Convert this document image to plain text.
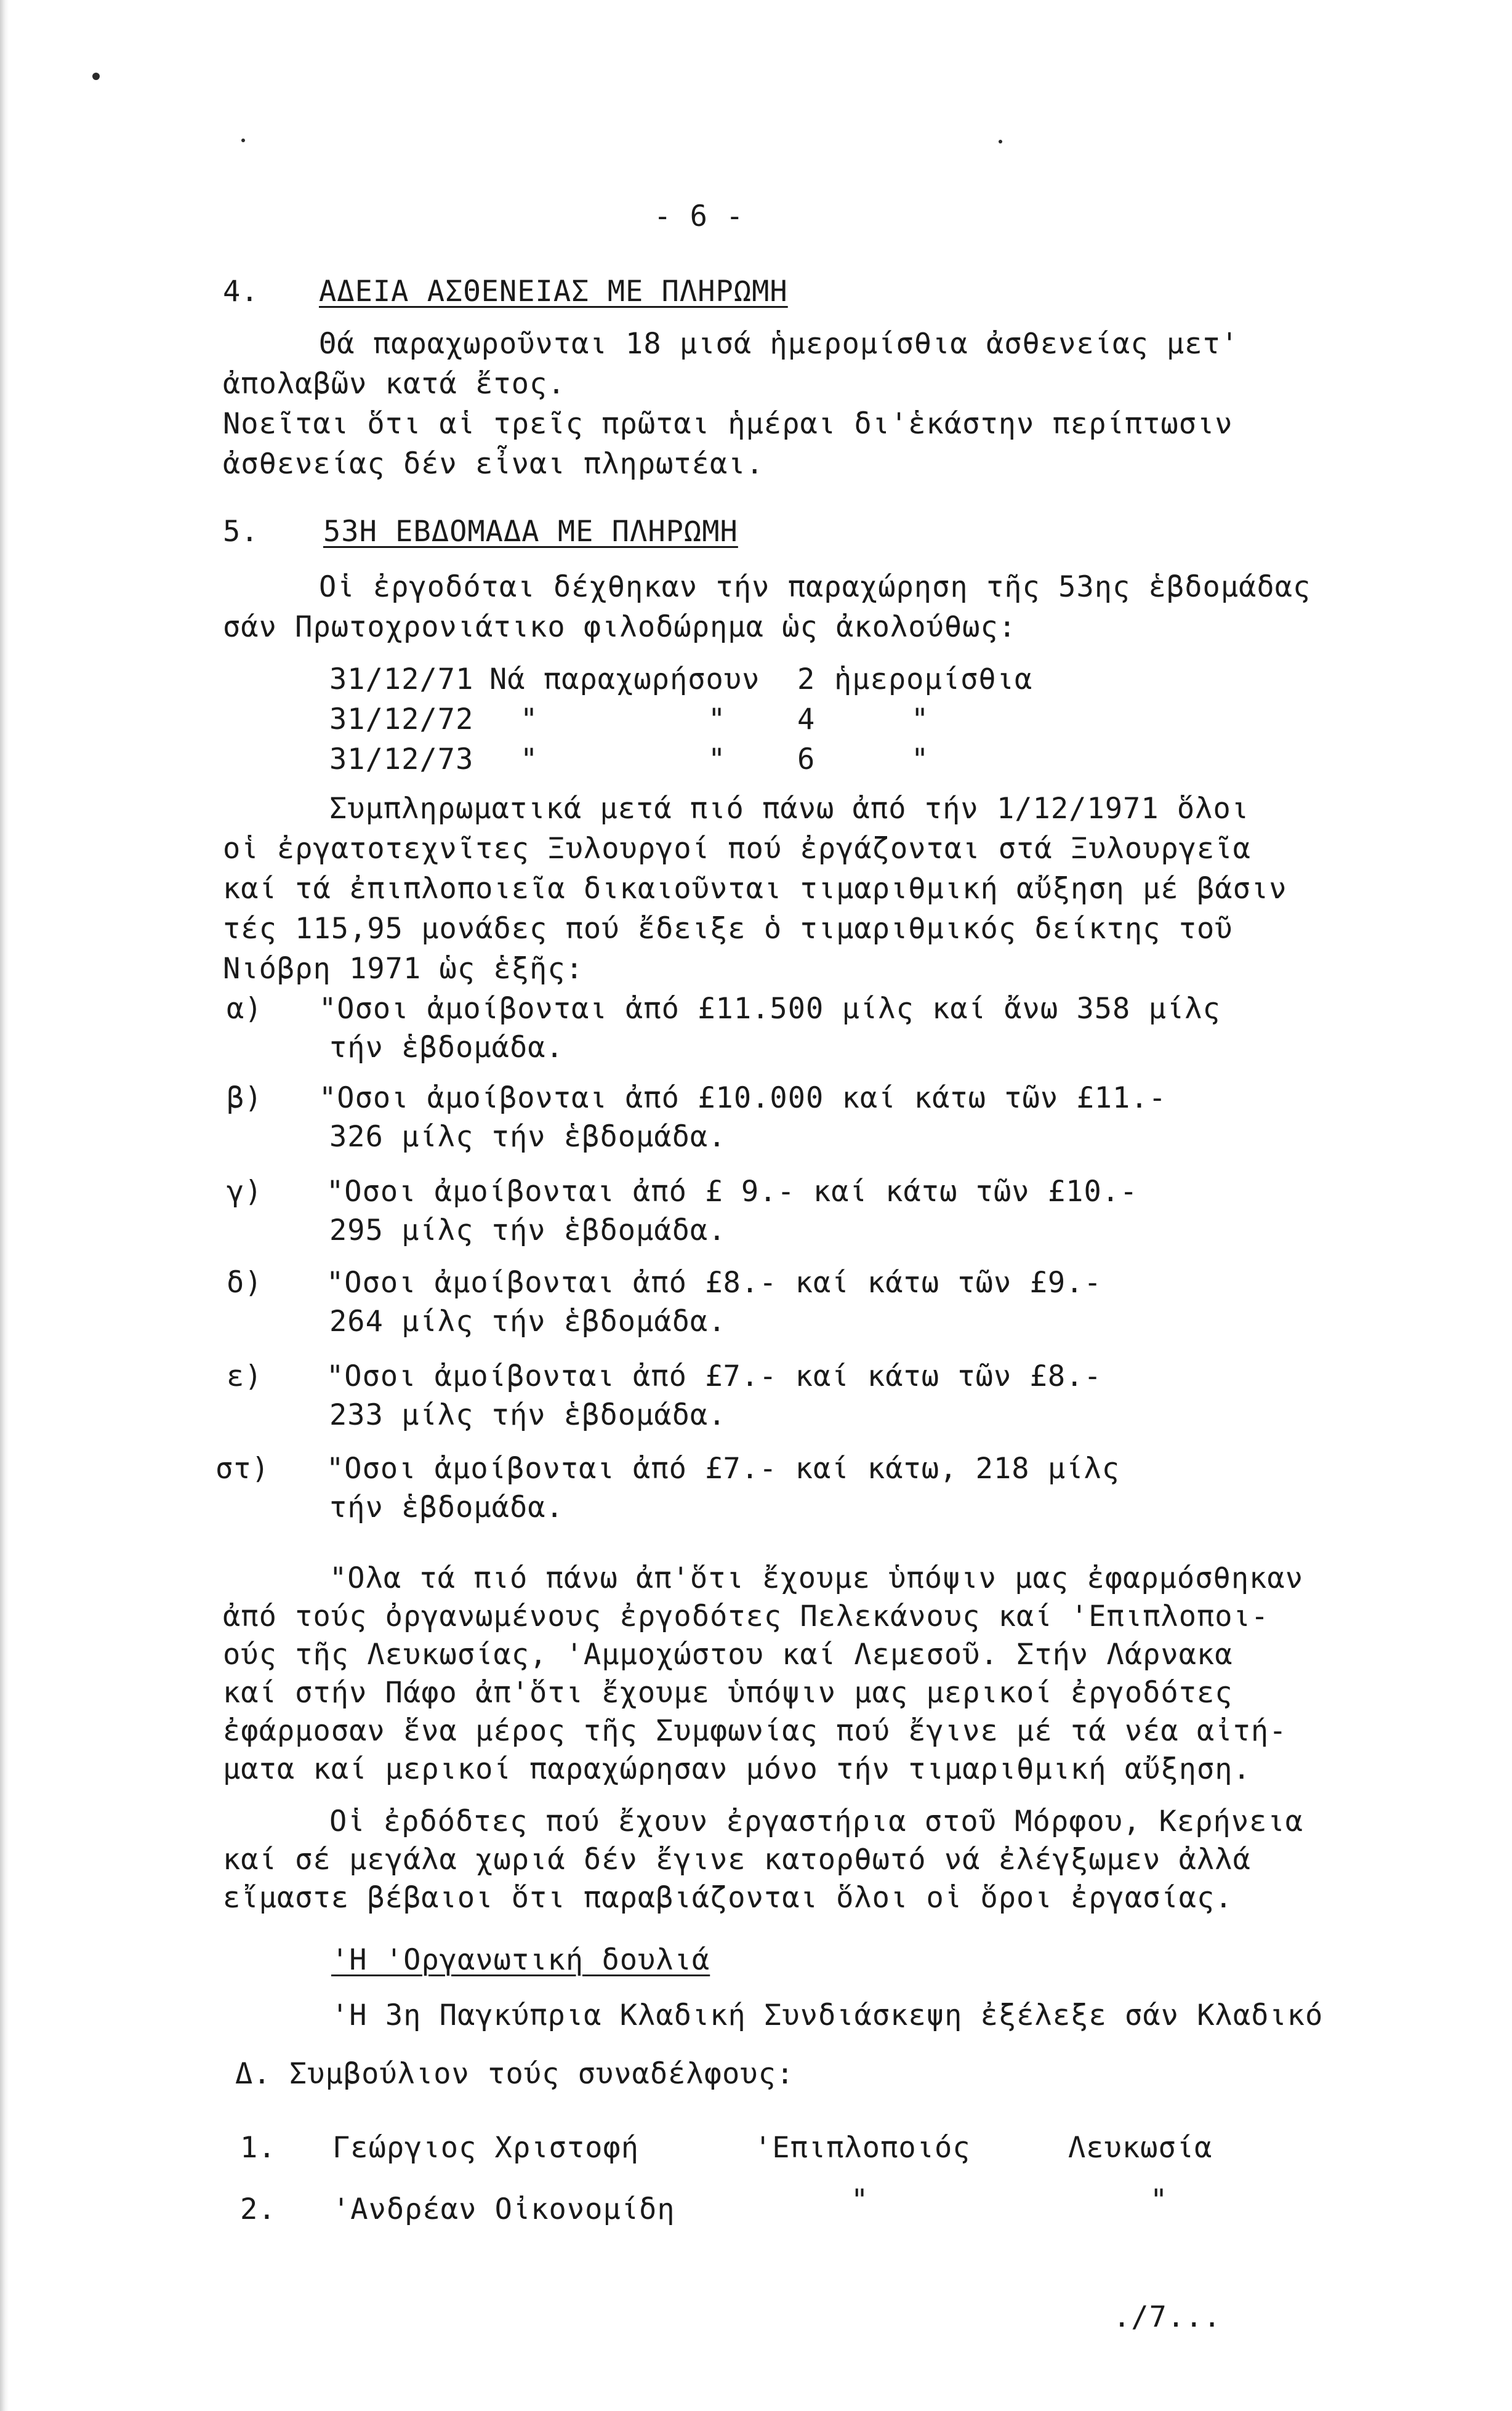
- 6 -
4. ΑΔΕΙΑ ΑΣΘΕΝΕΙΑΣ ΜΕ ΠΛΗΡΩΜΗ
Θά παραχωροῦνται 18 μισά ἡμερομίσθια ἀσθενείας μετ'
ἀπολαβῶν κατά ἔτος.
Νοεῖται ὅτι αἱ τρεῖς πρῶται ἡμέραι δι'ἑκάστην περίπτωσιν
ἀσθενείας δέν εἶναι πληρωτέαι.
5. 53Η ΕΒΔΟΜΑΔΑ ΜΕ ΠΛΗΡΩΜΗ
Οἱ ἐργοδόται δέχθηκαν τήν παραχώρηση τῆς 53ης ἑβδομάδας
σάν Πρωτοχρονιάτικο φιλοδώρημα ὡς ἀκολούθως:
31/12/71 Νά παραχωρήσουν 2 ἡμερομίσθια
31/12/72 "	" 4	"
31/12/73 "	" 6	"
Συμπληρωματικά μετά πιό πάνω ἀπό τήν 1/12/1971 ὅλοι
οἱ ἐργατοτεχνῖτες Ξυλουργοί πού ἐργάζονται στά Ξυλουργεῖα
καί τά ἐπιπλοποιεῖα δικαιοῦνται τιμαριθμική αὔξηση μέ βάσιν
τές 115,95 μονάδες πού ἔδειξε ὁ τιμαριθμικός δείκτης τοῦ
Νιόβρη 1971 ὡς ἑξῆς:
α) "Οσοι ἀμοίβονται ἀπό £11.500 μίλς καί ἄνω 358 μίλς
τήν ἑβδομάδα.
β) "Οσοι ἀμοίβονται ἀπό £10.000 καί κάτω τῶν £11.-
326 μίλς τήν ἑβδομάδα.
γ) "Οσοι ἀμοίβονται ἀπό £ 9.- καί κάτω τῶν £10.-
295 μίλς τήν ἑβδομάδα.
δ) "Οσοι ἀμοίβονται ἀπό £8.- καί κάτω τῶν £9.-
264 μίλς τήν ἑβδομάδα.
ε) "Οσοι ἀμοίβονται ἀπό £7.- καί κάτω τῶν £8.-
233 μίλς τήν ἑβδομάδα.
στ) "Οσοι ἀμοίβονται ἀπό £7.- καί κάτω, 218 μίλς
τήν ἑβδομάδα.
"Ολα τά πιό πάνω ἀπ'ὅτι ἔχουμε ὑπόψιν μας ἐφαρμόσθηκαν
ἀπό τούς ὀργανωμένους ἐργοδότες Πελεκάνους καί 'Επιπλοποι-
ούς τῆς Λευκωσίας, 'Αμμοχώστου καί Λεμεσοῦ. Στήν Λάρνακα
καί στήν Πάφο ἀπ'ὅτι ἔχουμε ὑπόψιν μας μερικοί ἐργοδότες
ἐφάρμοσαν ἕνα μέρος τῆς Συμφωνίας πού ἔγινε μέ τά νέα αἰτή-
ματα καί μερικοί παραχώρησαν μόνο τήν τιμαριθμική αὔξηση.
Οἱ ἐρδόδτες πού ἔχουν ἐργαστήρια στοῦ Μόρφου, Κερήνεια
καί σέ μεγάλα χωριά δέν ἔγινε κατορθωτό νά ἐλέγξωμεν ἀλλά
εἴμαστε βέβαιοι ὅτι παραβιάζονται ὅλοι οἱ ὅροι ἐργασίας.
'Η 'Οργανωτική δουλιά
'Η 3η Παγκύπρια Κλαδική Συνδιάσκεψη ἐξέλεξε σάν Κλαδικό
Δ. Συμβούλιον τούς συναδέλφους:
1. Γεώργιος Χριστοφή	'Επιπλοποιός	Λευκωσία
2. 'Ανδρέαν Οἰκονομίδη	"	"
./7...
